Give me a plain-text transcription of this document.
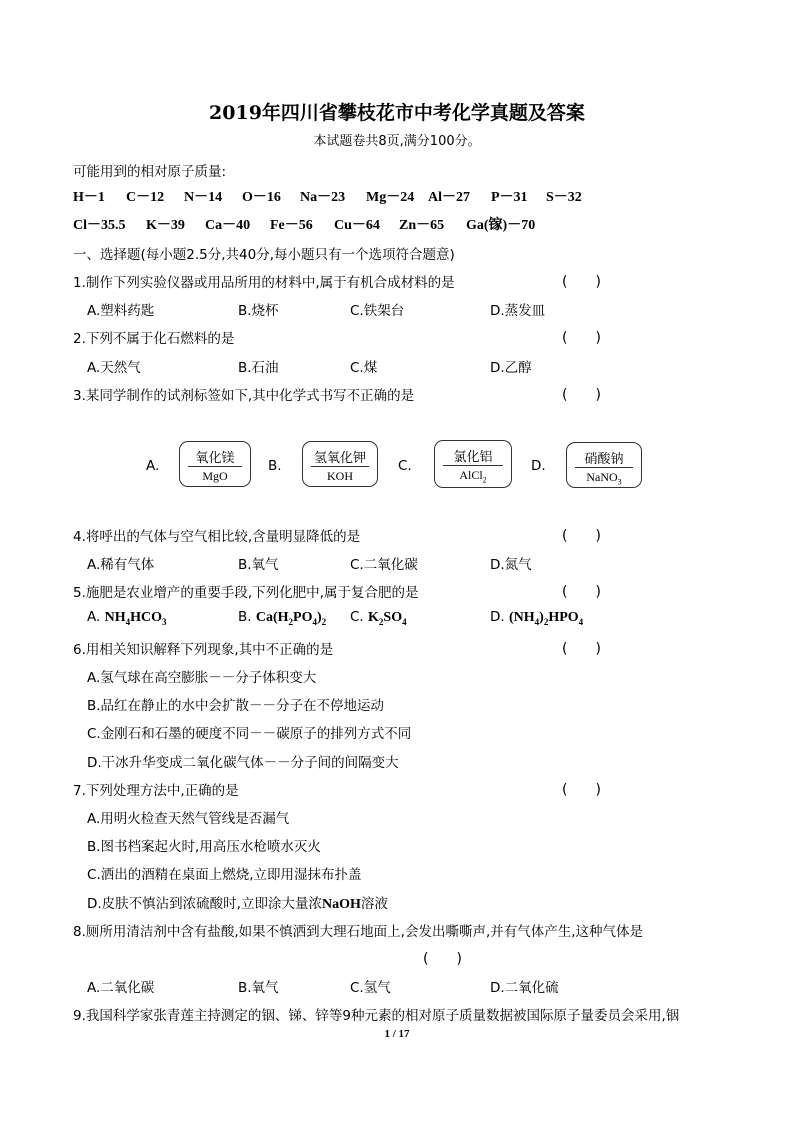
2019年四川省攀枝花市中考化学真题及答案
本试题卷共8页,满分100分。
可能用到的相对原子质量:
H－1 C－12 N－14 O－16 Na－23 Mg－24 Al－27 P－31 S－32
Cl－35.5 K－39 Ca－40 Fe－56 Cu－64 Zn－65 Ga(镓)－70
一、选择题(每小题2.5分,共40分,每小题只有一个选项符合题意)
1.制作下列实验仪器或用品所用的材料中,属于有机合成材料的是	(　　)
A.塑料药匙	B.烧杯	C.铁架台	D.蒸发皿
2.下列不属于化石燃料的是	(　　)
A.天然气	B.石油	C.煤	D.乙醇
3.某同学制作的试剂标签如下,其中化学式书写不正确的是	(　　)
A.	氧化镁
MgO
B.	氢氧化钾
KOH
C.
氯化铝
AlCl$_2$
D.	硝酸钠
NaNO$_3$
4.将呼出的气体与空气相比较,含量明显降低的是	(　　)
A.稀有气体	B.氧气	C.二氧化碳	D.氮气
5.施肥是农业增产的重要手段,下列化肥中,属于复合肥的是	(　　)
A. $NH_4HCO_3$	B. $Ca(H_2PO_4)_2$ C. $K_2SO_4$	D. $(NH_4)_2HPO_4$
6.用相关知识解释下列现象,其中不正确的是	(　　)
A.氢气球在高空膨胀－－分子体积变大
B.品红在静止的水中会扩散－－分子在不停地运动
C.金刚石和石墨的硬度不同－－碳原子的排列方式不同
D.干冰升华变成二氧化碳气体－－分子间的间隔变大
7.下列处理方法中,正确的是	(　　)
A.用明火检查天然气管线是否漏气
B.图书档案起火时,用高压水枪喷水灭火
C.洒出的酒精在桌面上燃烧,立即用湿抹布扑盖
D.皮肤不慎沾到浓硫酸时,立即涂大量浓NaOH溶液
8.厕所用清洁剂中含有盐酸,如果不慎洒到大理石地面上,会发出嘶嘶声,并有气体产生,这种气体是
(　　)
A.二氧化碳	B.氧气	C.氢气	D.二氧化硫
9.我国科学家张青莲主持测定的铟、锑、锌等9种元素的相对原子质量数据被国际原子量委员会采用,铟
1 / 17
